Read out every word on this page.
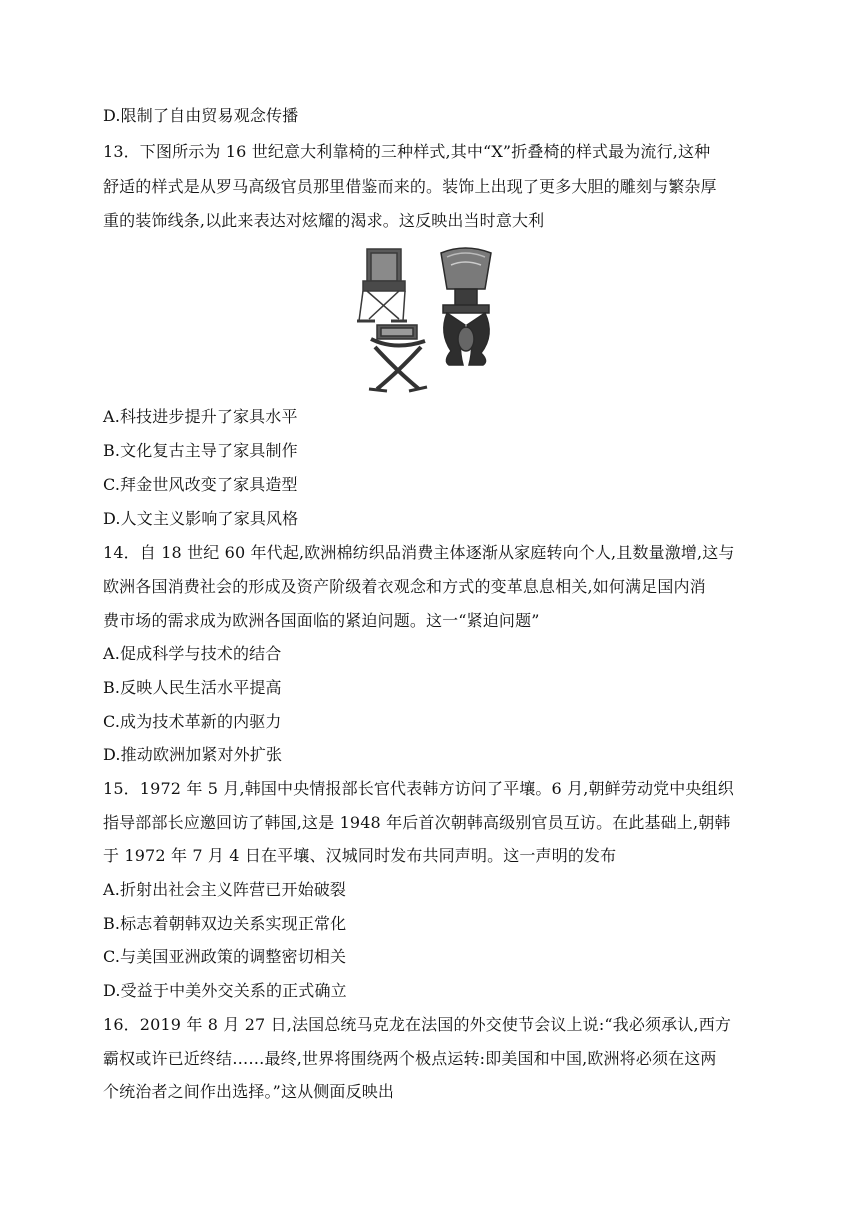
D.限制了自由贸易观念传播
13．下图所示为 16 世纪意大利靠椅的三种样式,其中“X”折叠椅的样式最为流行,这种
舒适的样式是从罗马高级官员那里借鉴而来的。装饰上出现了更多大胆的雕刻与繁杂厚
重的装饰线条,以此来表达对炫耀的渴求。这反映出当时意大利
A.科技进步提升了家具水平
B.文化复古主导了家具制作
C.拜金世风改变了家具造型
D.人文主义影响了家具风格
14．自 18 世纪 60 年代起,欧洲棉纺织品消费主体逐渐从家庭转向个人,且数量激增,这与
欧洲各国消费社会的形成及资产阶级着衣观念和方式的变革息息相关,如何满足国内消
费市场的需求成为欧洲各国面临的紧迫问题。这一“紧迫问题”
A.促成科学与技术的结合
B.反映人民生活水平提高
C.成为技术革新的内驱力
D.推动欧洲加紧对外扩张
15．1972 年 5 月,韩国中央情报部长官代表韩方访问了平壤。6 月,朝鲜劳动党中央组织
指导部部长应邀回访了韩国,这是 1948 年后首次朝韩高级别官员互访。在此基础上,朝韩
于 1972 年 7 月 4 日在平壤、汉城同时发布共同声明。这一声明的发布
A.折射出社会主义阵营已开始破裂
B.标志着朝韩双边关系实现正常化
C.与美国亚洲政策的调整密切相关
D.受益于中美外交关系的正式确立
16．2019 年 8 月 27 日,法国总统马克龙在法国的外交使节会议上说:“我必须承认,西方
霸权或许已近终结……最终,世界将围绕两个极点运转:即美国和中国,欧洲将必须在这两
个统治者之间作出选择。”这从侧面反映出
